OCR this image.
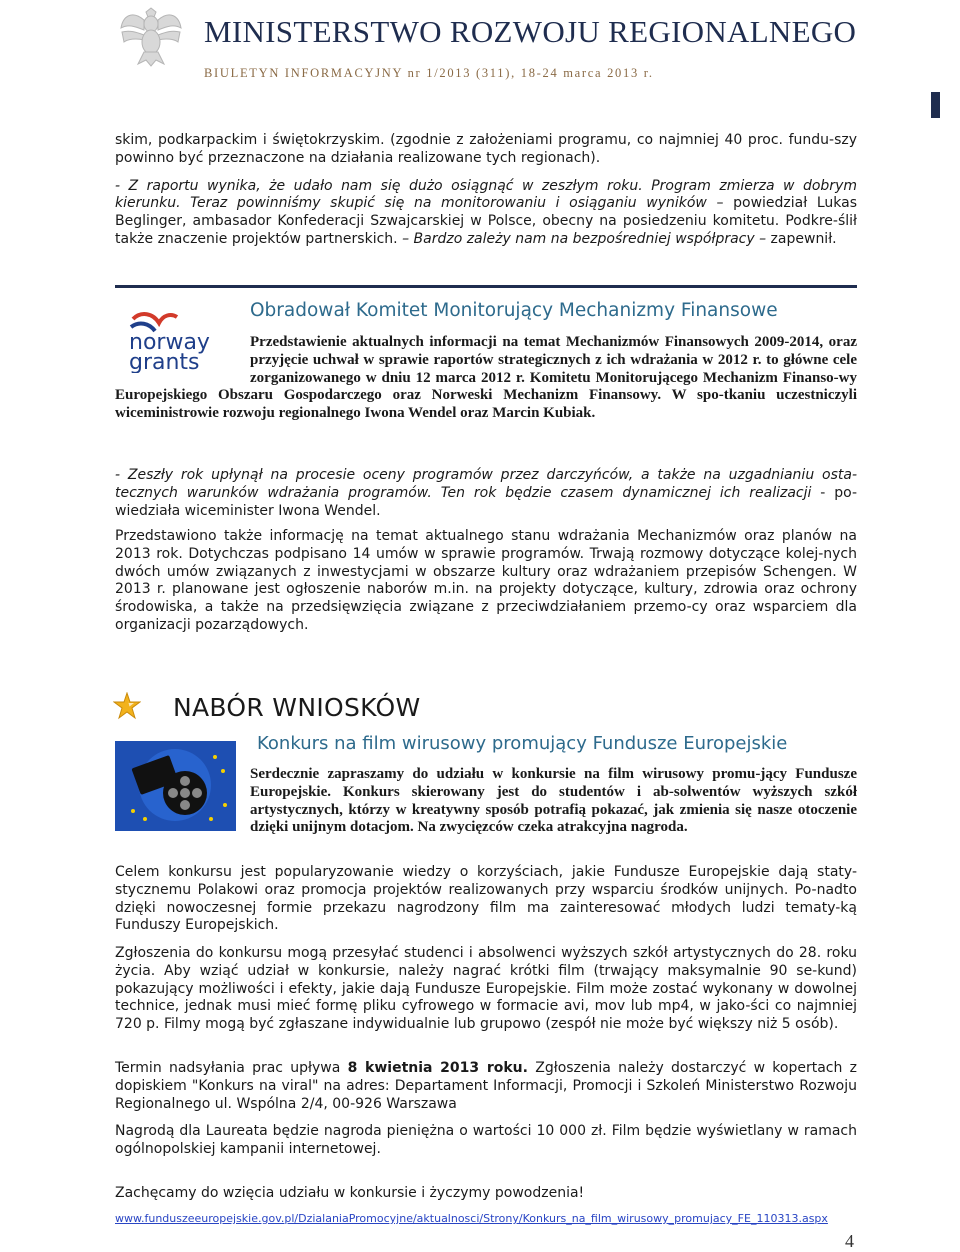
MINISTERSTWO ROZWOJU REGIONALNEGO
BIULETYN INFORMACYJNY nr 1/2013 (311), 18-24 marca 2013 r.

skim, podkarpackim i świętokrzyskim. (zgodnie z założeniami programu, co najmniej 40 proc. fundu-szy powinno być przeznaczone na działania realizowane tych regionach).

- Z raportu wynika, że udało nam się dużo osiągnąć w zeszłym roku. Program zmierza w dobrym kierunku. Teraz powinniśmy skupić się na monitorowaniu i osiąganiu wyników – powiedział Lukas Beglinger, ambasador Konfederacji Szwajcarskiej w Polsce, obecny na posiedzeniu komitetu. Podkre-ślił także znaczenie projektów partnerskich. – Bardzo zależy nam na bezpośredniej współpracy – zapewnił.

norway
grants
Obradował Komitet Monitorujący Mechanizmy Finansowe

Przedstawienie aktualnych informacji na temat Mechanizmów Finansowych 2009-2014, oraz przyjęcie uchwał w sprawie raportów strategicznych z ich wdrażania w 2012 r. to główne cele zorganizowanego w dniu 12 marca 2012 r. Komitetu Monitorującego Mechanizm Finanso-wy Europejskiego Obszaru Gospodarczego oraz Norweski Mechanizm Finansowy. W spo-tkaniu uczestniczyli wiceministrowie rozwoju regionalnego Iwona Wendel oraz Marcin Kubiak.

- Zeszły rok upłynął na procesie oceny programów przez darczyńców, a także na uzgadnianiu osta-tecznych warunków wdrażania programów. Ten rok będzie czasem dynamicznej ich realizacji - po-wiedziała wiceminister Iwona Wendel.

Przedstawiono także informację na temat aktualnego stanu wdrażania Mechanizmów oraz planów na 2013 rok. Dotychczas podpisano 14 umów w sprawie programów. Trwają rozmowy dotyczące kolej-nych dwóch umów związanych z inwestycjami w obszarze kultury oraz wdrażaniem przepisów Schengen. W 2013 r. planowane jest ogłoszenie naborów m.in. na projekty dotyczące, kultury, zdrowia oraz ochrony środowiska, a także na przedsięwzięcia związane z przeciwdziałaniem przemo-cy oraz wsparciem dla organizacji pozarządowych.

NABÓR WNIOSKÓW
Konkurs na film wirusowy promujący Fundusze Europejskie

Serdecznie zapraszamy do udziału w konkursie na film wirusowy promu-jący Fundusze Europejskie. Konkurs skierowany jest do studentów i ab-solwentów wyższych szkół artystycznych, którzy w kreatywny sposób potrafią pokazać, jak zmienia się nasze otoczenie dzięki unijnym dotacjom. Na zwycięzców czeka atrakcyjna nagroda.

Celem konkursu jest popularyzowanie wiedzy o korzyściach, jakie Fundusze Europejskie dają staty-stycznemu Polakowi oraz promocja projektów realizowanych przy wsparciu środków unijnych. Po-nadto dzięki nowoczesnej formie przekazu nagrodzony film ma zainteresować młodych ludzi tematy-ką Funduszy Europejskich.

Zgłoszenia do konkursu mogą przesyłać studenci i absolwenci wyższych szkół artystycznych do 28. roku życia. Aby wziąć udział w konkursie, należy nagrać krótki film (trwający maksymalnie 90 se-kund) pokazujący możliwości i efekty, jakie dają Fundusze Europejskie. Film może zostać wykonany w dowolnej technice, jednak musi mieć formę pliku cyfrowego w formacie avi, mov lub mp4, w jako-ści co najmniej 720 p. Filmy mogą być zgłaszane indywidualnie lub grupowo (zespół nie może być większy niż 5 osób).

Termin nadsyłania prac upływa 8 kwietnia 2013 roku. Zgłoszenia należy dostarczyć w kopertach z dopiskiem "Konkurs na viral" na adres: Departament Informacji, Promocji i Szkoleń Ministerstwo Rozwoju Regionalnego ul. Wspólna 2/4, 00-926 Warszawa

Nagrodą dla Laureata będzie nagroda pieniężna o wartości 10 000 zł. Film będzie wyświetlany w ramach ogólnopolskiej kampanii internetowej.

Zachęcamy do wzięcia udziału w konkursie i życzymy powodzenia!

www.funduszeeuropejskie.gov.pl/DzialaniaPromocyjne/aktualnosci/Strony/Konkurs_na_film_wirusowy_promujacy_FE_110313.aspx
4
